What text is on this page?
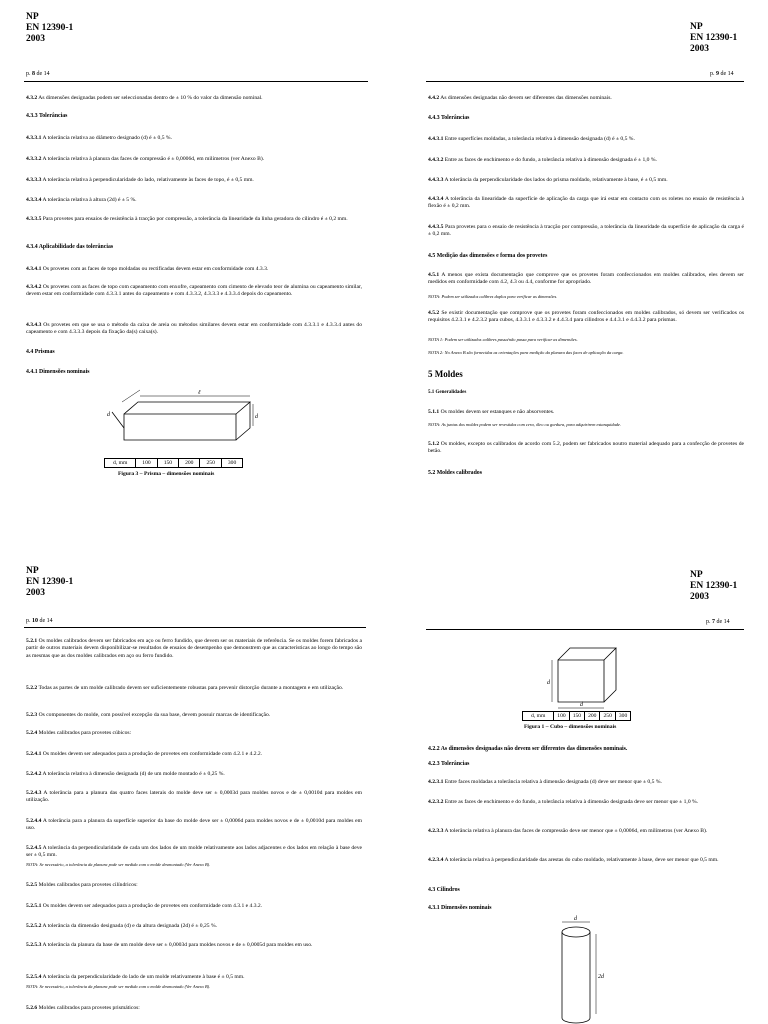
NP
EN 12390-1
2003
p. 8 de 14
4.3.2 As dimensões designadas podem ser seleccionadas dentro de ± 10 % do valor da dimensão nominal.
4.3.3 Tolerâncias
4.3.3.1 A tolerância relativa ao diâmetro designado (d) é ± 0,5 %.
4.3.3.2 A tolerância relativa à planura das faces de compressão é ± 0,0006d, em milímetros (ver Anexo B).
4.3.3.3 A tolerância relativa à perpendicularidade do lado, relativamente às faces de topo, é ± 0,5 mm.
4.3.3.4 A tolerância relativa à altura (2d) é ± 5 %.
4.3.3.5 Para provetes para ensaios de resistência à tracção por compressão, a tolerância da linearidade da linha geradora do cilindro é ± 0,2 mm.
4.3.4 Aplicabilidade das tolerâncias
4.3.4.1 Os provetes com as faces de topo moldadas ou rectificadas devem estar em conformidade com 4.3.3.
4.3.4.2 Os provetes com as faces de topo com capeamento com enxofre, capeamento com cimento de elevado teor de alumina ou capeamento similar, devem estar em conformidade com 4.3.3.1 antes do capeamento e com 4.3.3.2, 4.3.3.3 e 4.3.3.4 depois do capeamento.
4.3.4.3 Os provetes em que se usa o método da caixa de areia ou métodos similares devem estar em conformidade com 4.3.3.1 e 4.3.3.4 antes do capeamento e com 4.3.3.3 depois da fixação da(s) caixa(s).
4.4 Prismas
4.4.1 Dimensões nominais
d
ℓ
d
d, mm	100	150	200	250	300
Figura 3 – Prisma – dimensões nominais
NP
EN 12390-1
2003
p. 9 de 14
4.4.2 As dimensões designadas não devem ser diferentes das dimensões nominais.
4.4.3 Tolerâncias
4.4.3.1 Entre superfícies moldadas, a tolerância relativa à dimensão designada (d) é ± 0,5 %.
4.4.3.2 Entre as faces de enchimento e do fundo, a tolerância relativa à dimensão designada é ± 1,0 %.
4.4.3.3 A tolerância da perpendicularidade dos lados do prisma moldado, relativamente à base, é ± 0,5 mm.
4.4.3.4 A tolerância da linearidade da superfície de aplicação da carga que irá estar em contacto com os roletes no ensaio de resistência à flexão é ± 0,2 mm.
4.4.3.5 Para provetes para o ensaio de resistência à tracção por compressão, a tolerância da linearidade da superfície de aplicação da carga é ± 0,2 mm.
4.5 Medição das dimensões e forma dos provetes
4.5.1 A menos que exista documentação que comprove que os provetes foram confeccionados em moldes calibrados, eles devem ser medidos em conformidade com 4.2, 4.3 ou 4.4, conforme for apropriado.
NOTA: Podem ser utilizados calibres duplos para verificar as dimensões.
4.5.2 Se existir documentação que comprove que os provetes foram confeccionados em moldes calibrados, só devem ser verificados os requisitos 4.2.3.1 e 4.2.3.2 para cubos, 4.3.3.1 e 4.3.3.2 e 4.4.3.4 para cilindros e 4.4.3.1 e 4.4.3.2 para prismas.
NOTA 1: Podem ser utilizados calibres passa/não passa para verificar as dimensões.
NOTA 2: No Anexo B são fornecidas as orientações para medição da planura das faces de aplicação da carga.
5 Moldes
5.1 Generalidades
5.1.1 Os moldes devem ser estanques e não absorventes.
NOTA: As juntas dos moldes podem ser revestidas com cera, óleo ou gordura, para adquirirem estanquidade.
5.1.2 Os moldes, excepto os calibrados de acordo com 5.2, podem ser fabricados noutro material adequado para a confecção de provetes de betão.
5.2 Moldes calibrados
NP
EN 12390-1
2003
p. 10 de 14
5.2.1 Os moldes calibrados devem ser fabricados em aço ou ferro fundido, que devem ser os materiais de referência. Se os moldes forem fabricados a partir de outros materiais devem disponibilizar-se resultados de ensaios de desempenho que demonstrem que as características ao longo do tempo são as mesmas que as dos moldes calibrados em aço ou ferro fundido.
5.2.2 Todas as partes de um molde calibrado devem ser suficientemente robustas para prevenir distorção durante a montagem e em utilização.
5.2.3 Os componentes do molde, com possível excepção da sua base, devem possuir marcas de identificação.
5.2.4 Moldes calibrados para provetes cúbicos:
5.2.4.1 Os moldes devem ser adequados para a produção de provetes em conformidade com 4.2.1 e 4.2.2.
5.2.4.2 A tolerância relativa à dimensão designada (d) de um molde montado é ± 0,25 %.
5.2.4.3 A tolerância para a planura das quatro faces laterais do molde deve ser ± 0,0003d para moldes novos e de ± 0,0010d para moldes em utilização.
5.2.4.4 A tolerância para a planura da superfície superior da base do molde deve ser ± 0,0006d para moldes novos e de ± 0,0010d para moldes em uso.
5.2.4.5 A tolerância da perpendicularidade de cada um dos lados de um molde relativamente aos lados adjacentes e dos lados em relação à base deve ser ± 0,5 mm.
NOTA: Se necessário, a tolerância da planura pode ser medida com o molde desmontado (Ver Anexo B).
5.2.5 Moldes calibrados para provetes cilíndricos:
5.2.5.1 Os moldes devem ser adequados para a produção de provetes em conformidade com 4.3.1 e 4.3.2.
5.2.5.2 A tolerância da dimensão designada (d) e da altura designada (2d) é ± 0,25 %.
5.2.5.3 A tolerância da planura da base de um molde deve ser ± 0,0003d para moldes novos e de ± 0,0005d para moldes em uso.
5.2.5.4 A tolerância da perpendicularidade do lado de um molde relativamente à base é ± 0,5 mm.
NOTA: Se necessário, a tolerância da planura pode ser medida com o molde desmontado (Ver Anexo B).
5.2.6 Moldes calibrados para provetes prismáticos:
NP
EN 12390-1
2003
p. 7 de 14
d
d
d, mm	100	150	200	250	300
Figura 1 – Cubo – dimensões nominais
4.2.2 As dimensões designadas não devem ser diferentes das dimensões nominais.
4.2.3 Tolerâncias
4.2.3.1 Entre faces moldadas a tolerância relativa à dimensão designada (d) deve ser menor que ± 0,5 %.
4.2.3.2 Entre as faces de enchimento e do fundo, a tolerância relativa à dimensão designada deve ser menor que ± 1,0 %.
4.2.3.3 A tolerância relativa à planura das faces de compressão deve ser menor que ± 0,0006d, em milímetros (ver Anexo B).
4.2.3.4 A tolerância relativa à perpendicularidade das arestas do cubo moldado, relativamente à base, deve ser menor que 0,5 mm.
4.3 Cilindros
4.3.1 Dimensões nominais
d
2d
